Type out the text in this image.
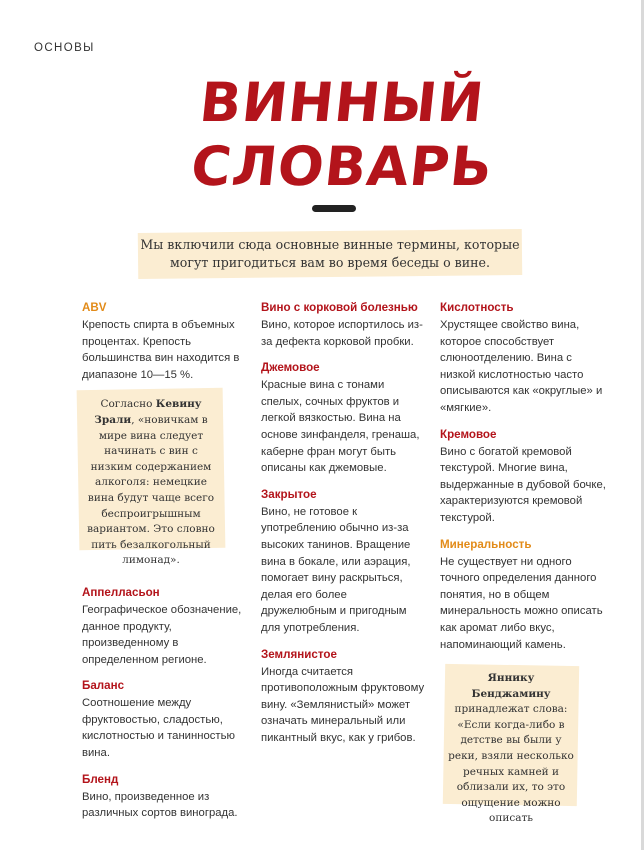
ОСНОВЫ
ВИННЫЙ
СЛОВАРЬ
Мы включили сюда основные винные термины, которые могут пригодиться вам во время беседы о вине.
ABV
Крепость спирта в объемных процентах. Крепость большинства вин находится в диапазоне 10—15 %.
Согласно Кевину Зрали, «новичкам в мире вина следует начинать с вин с низким содержанием алкоголя: немецкие вина будут чаще всего беспроигрышным вариантом. Это словно пить безалкогольный лимонад».
Аппелласьон
Географическое обозначение, данное продукту, произведенному в определенном регионе.
Баланс
Соотношение между фруктовостью, сладостью, кислотностью и танинностью вина.
Бленд
Вино, произведенное из различных сортов винограда.
Вино с корковой болезнью
Вино, которое испортилось из-за дефекта корковой пробки.
Джемовое
Красные вина с тонами спелых, сочных фруктов и легкой вязкостью. Вина на основе зинфанделя, гренаша, каберне фран могут быть описаны как джемовые.
Закрытое
Вино, не готовое к употреблению обычно из-за высоких танинов. Вращение вина в бокале, или аэрация, помогает вину раскрыться, делая его более дружелюбным и пригодным для употребления.
Землянистое
Иногда считается противоположным фруктовому вину. «Землянистый» может означать минеральный или пикантный вкус, как у грибов.
Кислотность
Хрустящее свойство вина, которое способствует слюноотделению. Вина с низкой кислотностью часто описываются как «округлые» и «мягкие».
Кремовое
Вино с богатой кремовой текстурой. Многие вина, выдержанные в дубовой бочке, характеризуются кремовой текстурой.
Минеральность
Не существует ни одного точного определения данного понятия, но в общем минеральность можно описать как аромат либо вкус, напоминающий камень.
Яннику Бенджамину принадлежат слова: «Если когда-либо в детстве вы были у реки, взяли несколько речных камней и облизали их, то это ощущение можно описать
